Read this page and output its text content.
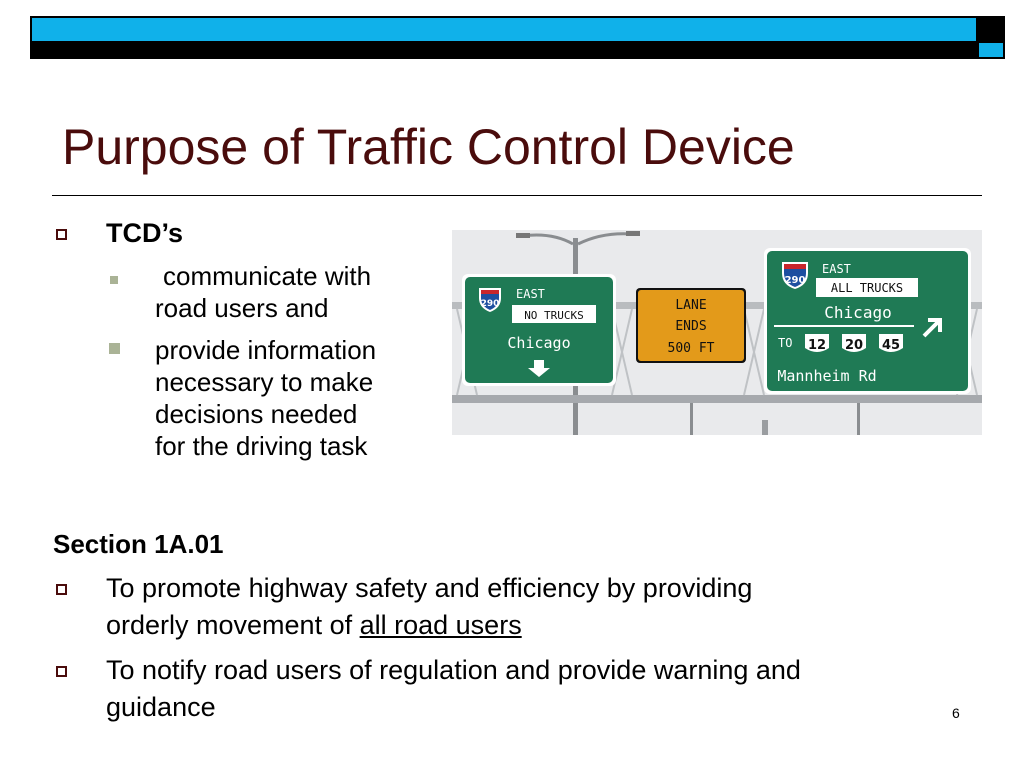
Purpose of Traffic Control Device
TCD’s
communicate with
road users and
provide information
necessary to make
decisions needed
for the driving task
290
EAST
NO TRUCKS
Chicago
LANE
ENDS
500 FT
290
EAST
ALL TRUCKS
Chicago
TO 12 20 45
Mannheim Rd
Section 1A.01
To promote highway safety and efficiency by providing
orderly movement of all road users
To notify road users of regulation and provide warning and
guidance	6
